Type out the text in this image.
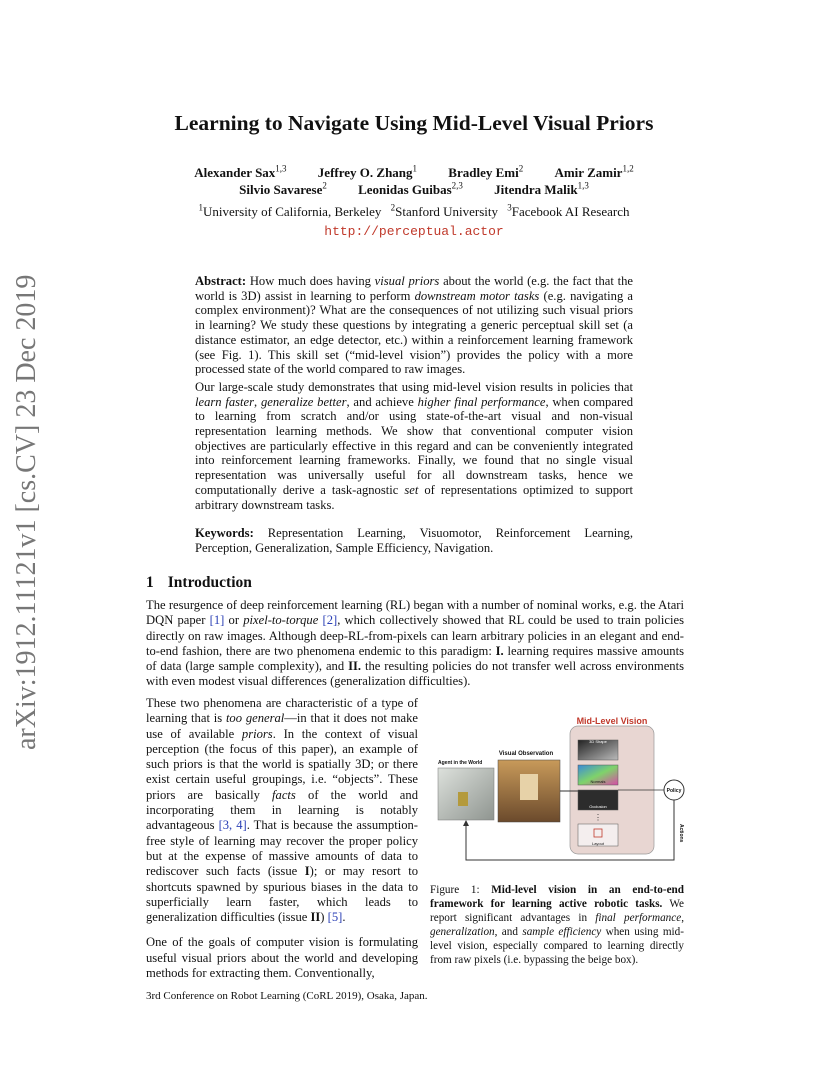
arXiv:1912.11121v1 [cs.CV] 23 Dec 2019
Learning to Navigate Using Mid-Level Visual Priors
Alexander Sax$^{1,3}$ Jeffrey O. Zhang$^1$ Bradley Emi$^2$ Amir Zamir$^{1,2}$
Silvio Savarese$^2$ Leonidas Guibas$^{2,3}$ Jitendra Malik$^{1,3}$
$^1$University of California, Berkeley $^2$Stanford University $^3$Facebook AI Research
http://perceptual.actor

Abstract: How much does having visual priors about the world (e.g. the fact that the world is 3D) assist in learning to perform downstream motor tasks (e.g. navigating a complex environment)? What are the consequences of not utilizing such visual priors in learning? We study these questions by integrating a generic perceptual skill set (a distance estimator, an edge detector, etc.) within a reinforcement learning framework (see Fig. 1). This skill set (“mid-level vision”) provides the policy with a more processed state of the world compared to raw images.

Our large-scale study demonstrates that using mid-level vision results in policies that learn faster, generalize better, and achieve higher final performance, when compared to learning from scratch and/or using state-of-the-art visual and non-visual representation learning methods. We show that conventional computer vision objectives are particularly effective in this regard and can be conveniently integrated into reinforcement learning frameworks. Finally, we found that no single visual representation was universally useful for all downstream tasks, hence we computationally derive a task-agnostic set of representations optimized to support arbitrary downstream tasks.

Keywords: Representation Learning, Visuomotor, Reinforcement Learning, Perception, Generalization, Sample Efficiency, Navigation.
1 Introduction
The resurgence of deep reinforcement learning (RL) began with a number of nominal works, e.g. the Atari DQN paper [1] or pixel-to-torque [2], which collectively showed that RL could be used to train policies directly on raw images. Although deep-RL-from-pixels can learn arbitrary policies in an elegant and end-to-end fashion, there are two phenomena endemic to this paradigm: I. learning requires massive amounts of data (large sample complexity), and II. the resulting policies do not transfer well across environments with even modest visual differences (generalization difficulties).

These two phenomena are characteristic of a type of learning that is too general—in that it does not make use of available priors. In the context of visual perception (the focus of this paper), an example of such priors is that the world is spatially 3D; or there exist certain useful groupings, i.e. “objects”. These priors are basically facts of the world and incorporating them in learning is notably advantageous [3, 4]. That is because the assumption-free style of learning may recover the proper policy but at the expense of massive amounts of data to rediscover such facts (issue I); or may resort to shortcuts spawned by spurious biases in the data to superficially learn faster, which leads to generalization difficulties (issue II) [5].

One of the goals of computer vision is formulating useful visual priors about the world and developing methods for extracting them. Conventionally,

Mid-Level Vision
Agent in the World
Visual Observation
3D Shape
Normals
Occlusion
⋮
Layout
Policy
Actions
Figure 1: Mid-level vision in an end-to-end framework for learning active robotic tasks. We report significant advantages in final performance, generalization, and sample efficiency when using mid-level vision, especially compared to learning directly from raw pixels (i.e. bypassing the beige box).
3rd Conference on Robot Learning (CoRL 2019), Osaka, Japan.
